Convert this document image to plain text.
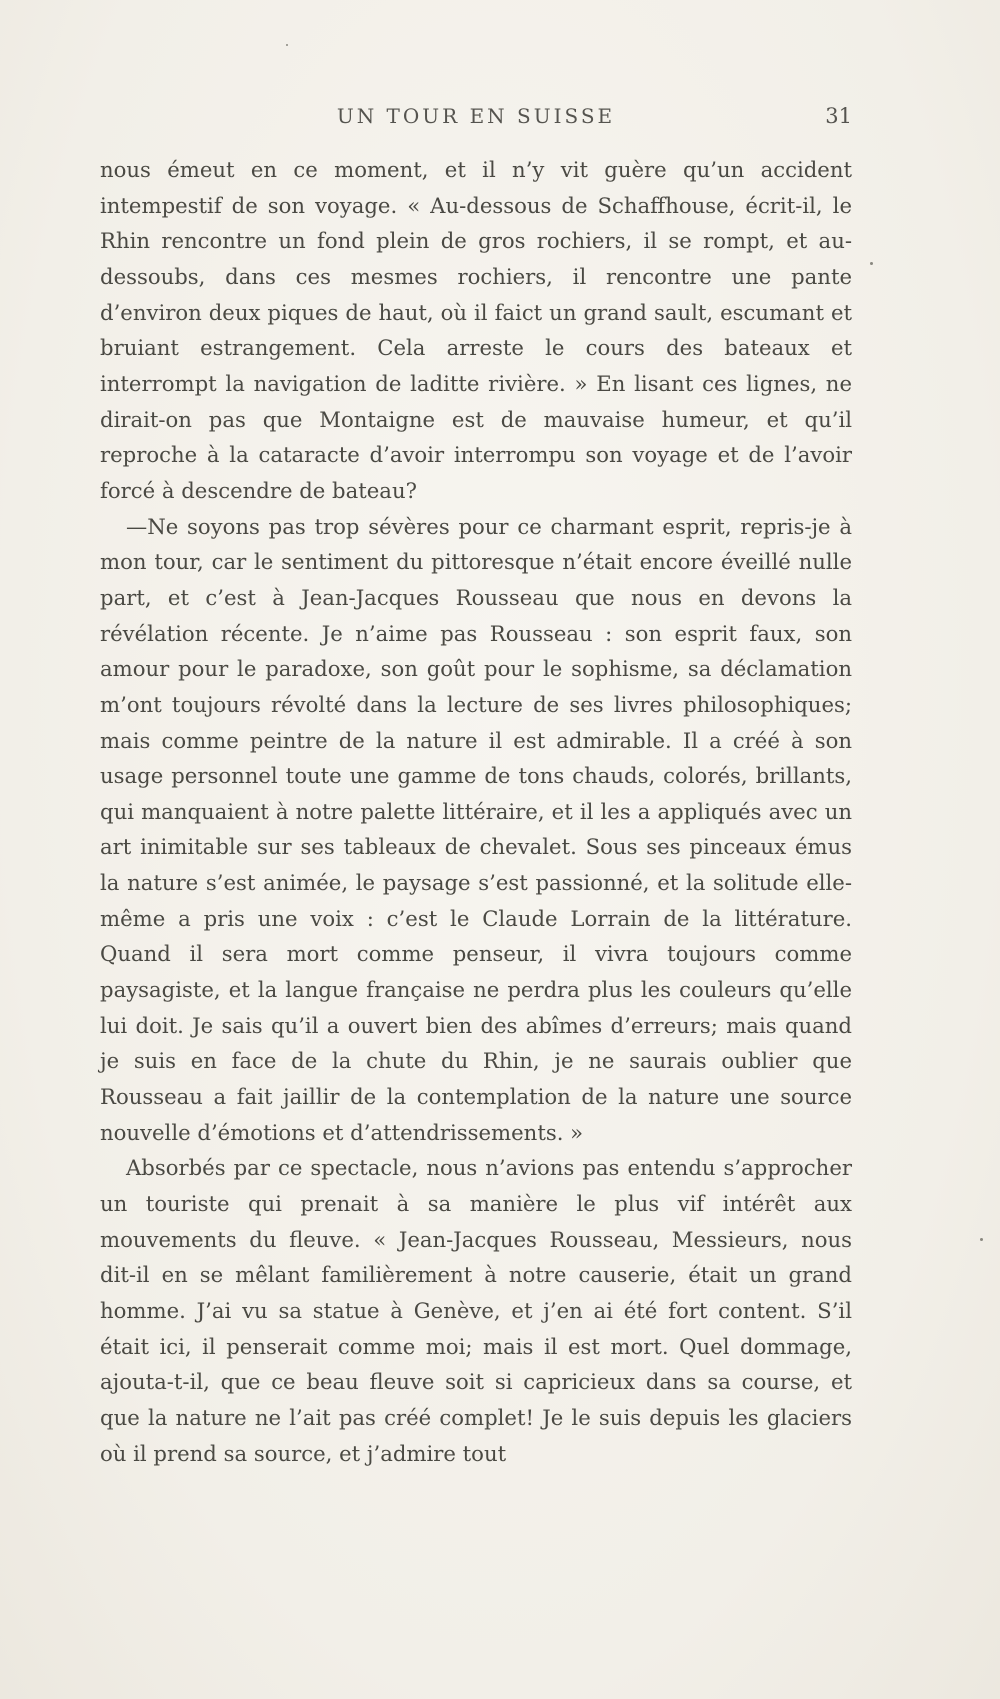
UN TOUR EN SUISSE	31

nous émeut en ce moment, et il n’y vit guère qu’un accident intempestif de son voyage. « Au-dessous de Schaffhouse, écrit-il, le Rhin rencontre un fond plein de gros rochiers, il se rompt, et au-dessoubs, dans ces mesmes rochiers, il rencontre une pante d’environ deux piques de haut, où il faict un grand sault, escumant et bruiant estrangement. Cela arreste le cours des bateaux et interrompt la navigation de laditte rivière. » En lisant ces lignes, ne dirait-on pas que Montaigne est de mauvaise humeur, et qu’il reproche à la cataracte d’avoir interrompu son voyage et de l’avoir forcé à descendre de bateau?

—Ne soyons pas trop sévères pour ce charmant esprit, repris-je à mon tour, car le sentiment du pittoresque n’était encore éveillé nulle part, et c’est à Jean-Jacques Rousseau que nous en devons la révélation récente. Je n’aime pas Rousseau : son esprit faux, son amour pour le paradoxe, son goût pour le sophisme, sa déclamation m’ont toujours révolté dans la lecture de ses livres philosophiques; mais comme peintre de la nature il est admirable. Il a créé à son usage personnel toute une gamme de tons chauds, colorés, brillants, qui manquaient à notre palette littéraire, et il les a appliqués avec un art inimitable sur ses tableaux de chevalet. Sous ses pinceaux émus la nature s’est animée, le paysage s’est passionné, et la solitude elle-même a pris une voix : c’est le Claude Lorrain de la littérature. Quand il sera mort comme penseur, il vivra toujours comme paysagiste, et la langue française ne perdra plus les couleurs qu’elle lui doit. Je sais qu’il a ouvert bien des abîmes d’erreurs; mais quand je suis en face de la chute du Rhin, je ne saurais oublier que Rousseau a fait jaillir de la contemplation de la nature une source nouvelle d’émotions et d’attendrissements. »

Absorbés par ce spectacle, nous n’avions pas entendu s’approcher un touriste qui prenait à sa manière le plus vif intérêt aux mouvements du fleuve. « Jean-Jacques Rousseau, Messieurs, nous dit-il en se mêlant familièrement à notre causerie, était un grand homme. J’ai vu sa statue à Genève, et j’en ai été fort content. S’il était ici, il penserait comme moi; mais il est mort. Quel dommage, ajouta-t-il, que ce beau fleuve soit si capricieux dans sa course, et que la nature ne l’ait pas créé complet! Je le suis depuis les glaciers où il prend sa source, et j’admire tout
